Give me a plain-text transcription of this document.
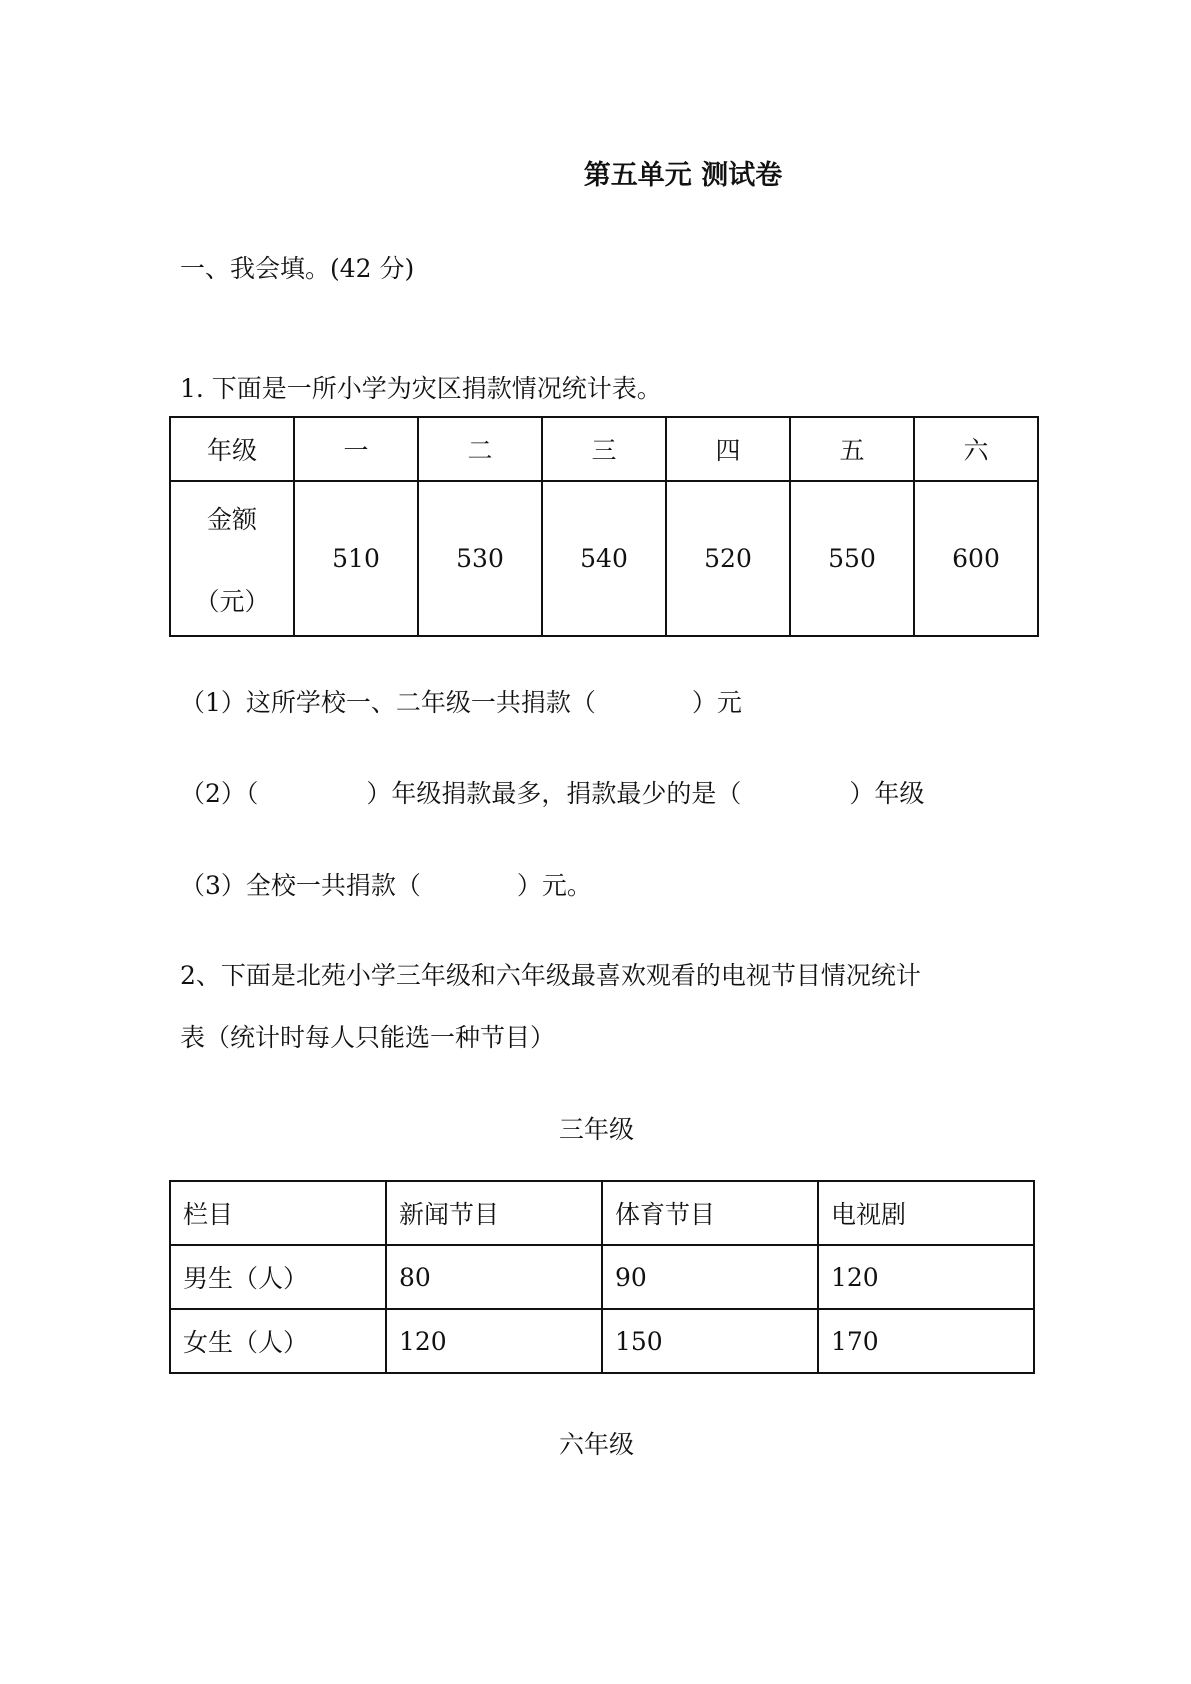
第五单元 测试卷
一、我会填。(42 分)
1. 下面是一所小学为灾区捐款情况统计表。
年级	一	二	三	四	五	六

金额
（元）	510	530	540	520	550	600
（1）这所学校一、二年级一共捐款（	）元
（2）（	）年级捐款最多，捐款最少的是（	）年级
（3）全校一共捐款（	）元。
2、下面是北苑小学三年级和六年级最喜欢观看的电视节目情况统计
表（统计时每人只能选一种节目）
三年级
栏目	新闻节目	体育节目	电视剧
男生（人）	80	90	120
女生（人）	120	150	170
六年级
